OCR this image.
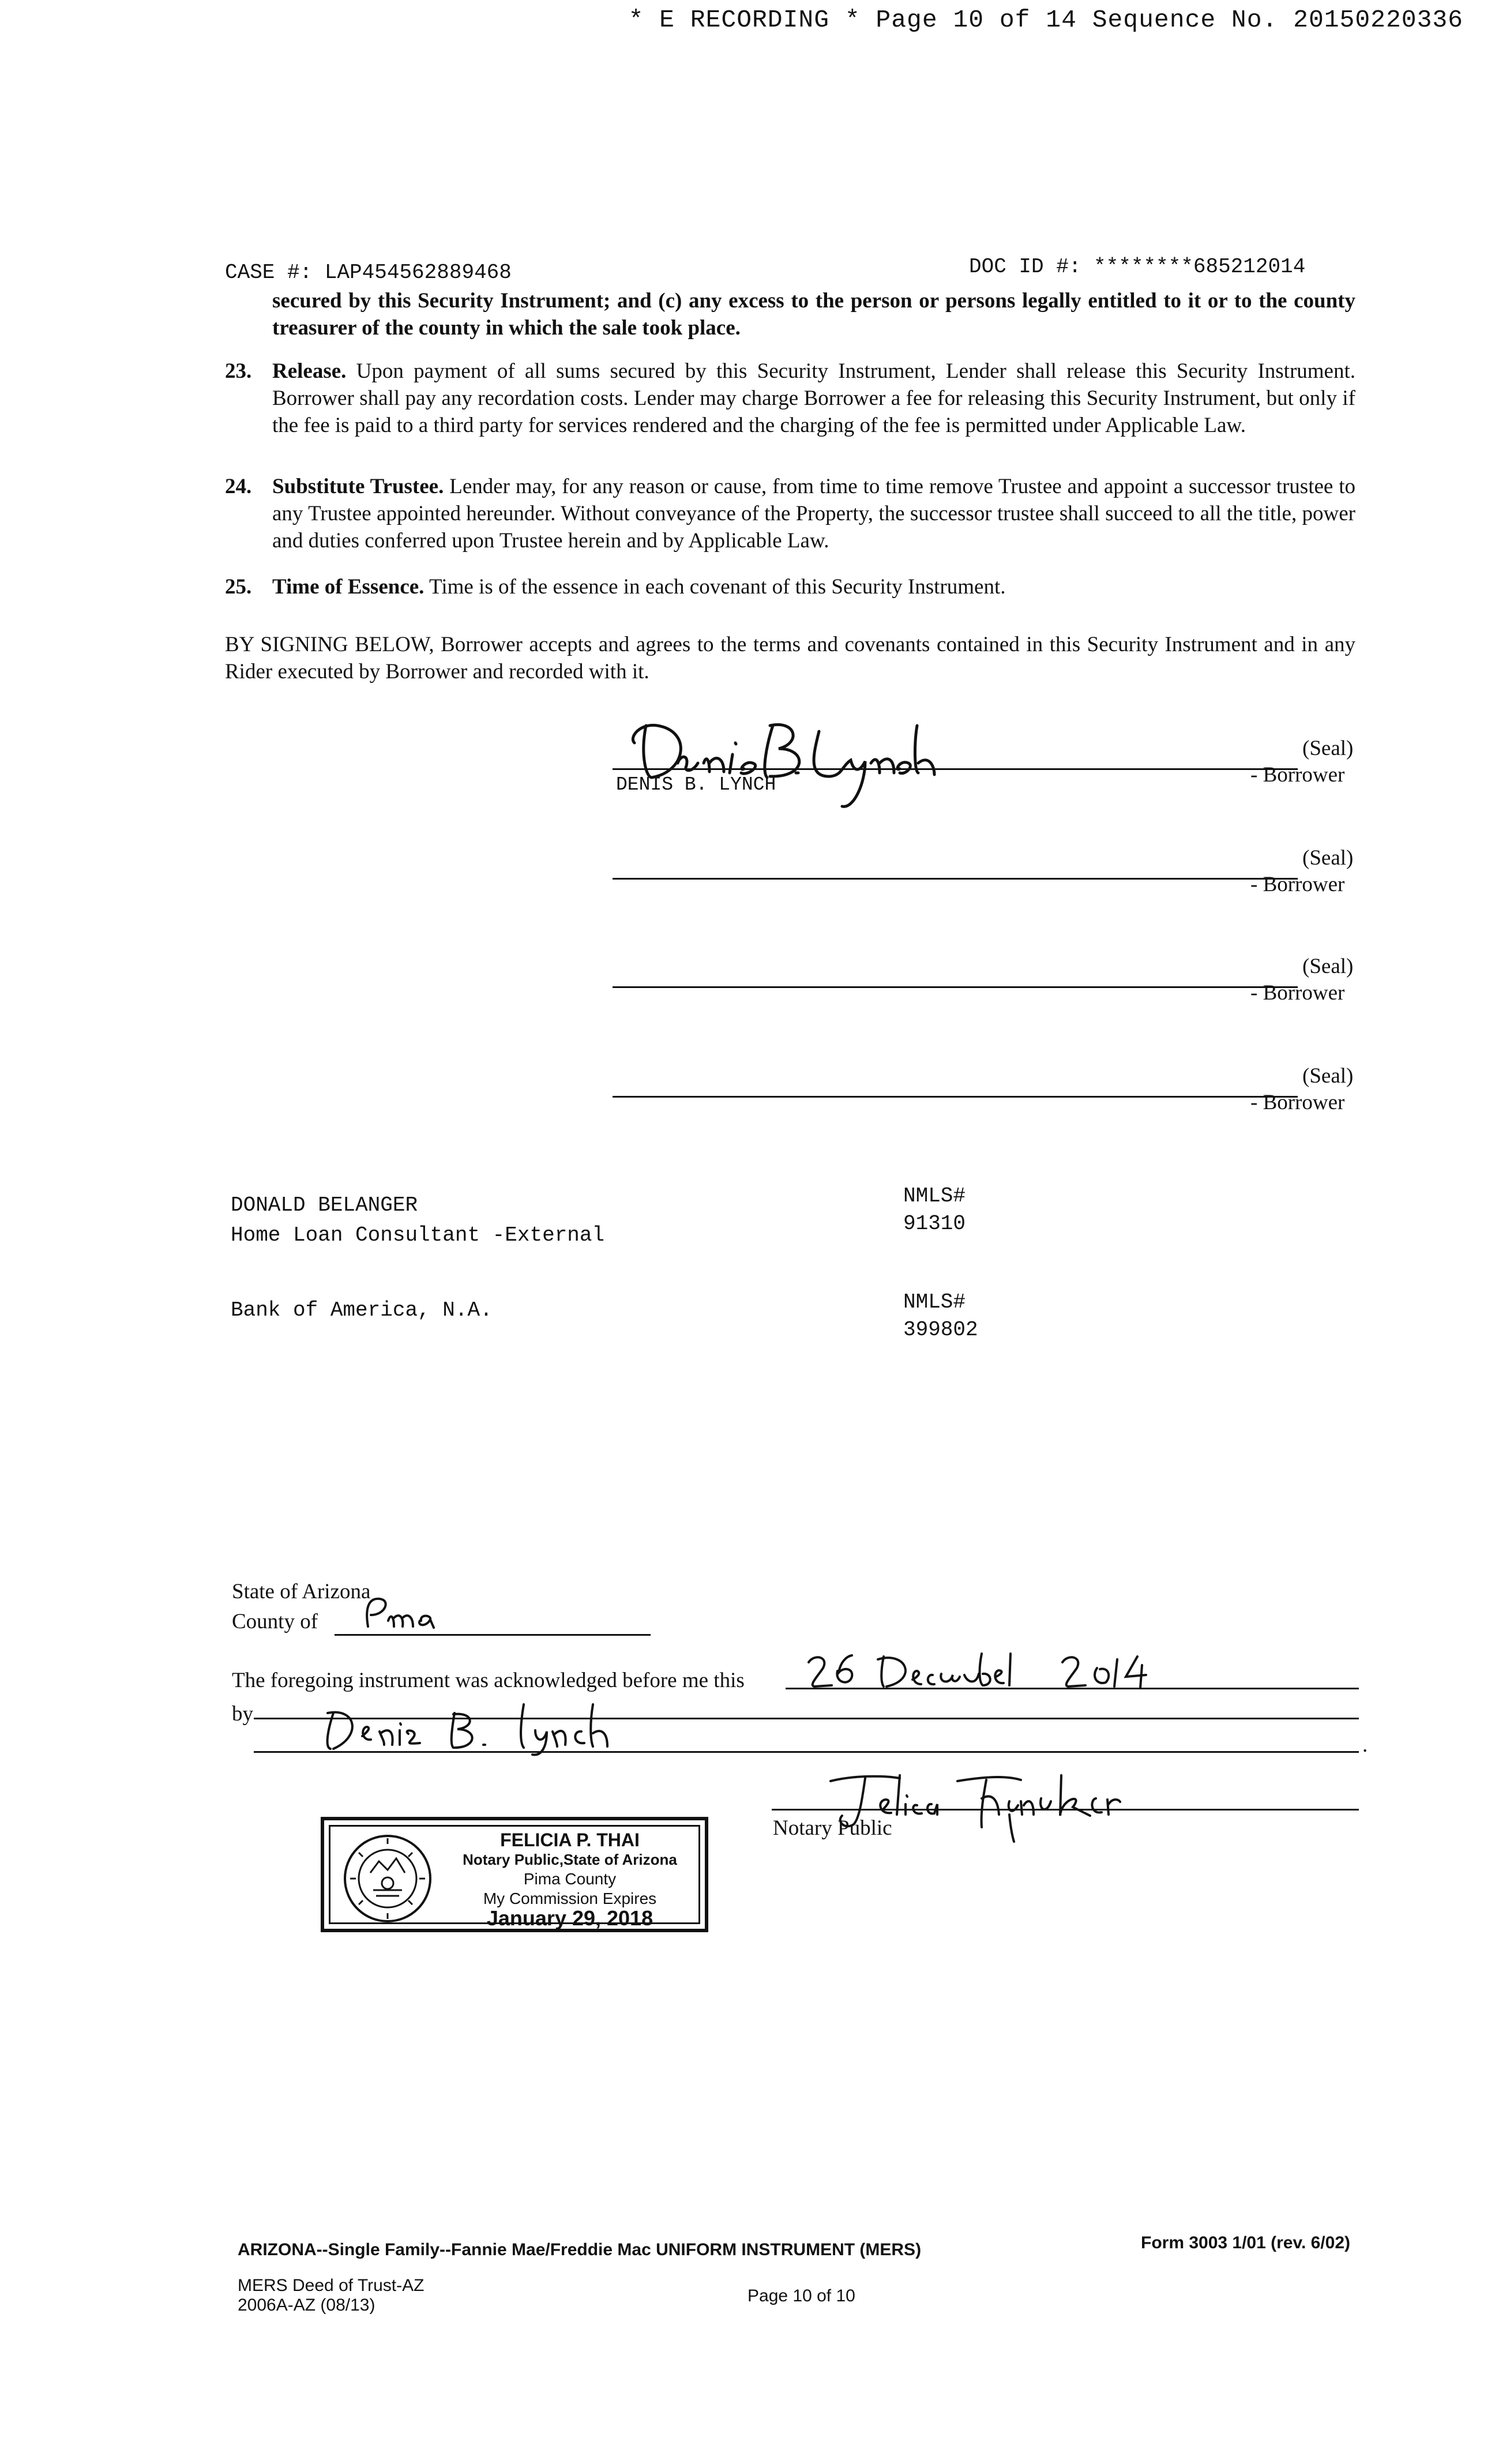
* E RECORDING * Page 10 of 14 Sequence No. 20150220336
CASE #: LAP454562889468	DOC ID #: ********685212014
secured by this Security Instrument; and (c) any excess to the person or persons legally entitled to it or to the county treasurer of the county in which the sale took place.
23. Release. Upon payment of all sums secured by this Security Instrument, Lender shall release this Security Instrument. Borrower shall pay any recordation costs. Lender may charge Borrower a fee for releasing this Security Instrument, but only if the fee is paid to a third party for services rendered and the charging of the fee is permitted under Applicable Law.
24. Substitute Trustee. Lender may, for any reason or cause, from time to time remove Trustee and appoint a successor trustee to any Trustee appointed hereunder. Without conveyance of the Property, the successor trustee shall succeed to all the title, power and duties conferred upon Trustee herein and by Applicable Law.
25. Time of Essence. Time is of the essence in each covenant of this Security Instrument.
BY SIGNING BELOW, Borrower accepts and agrees to the terms and covenants contained in this Security Instrument and in any Rider executed by Borrower and recorded with it.
(Seal)
- Borrower
DENIS B. LYNCH
(Seal)
- Borrower
(Seal)
- Borrower
(Seal)
- Borrower
DONALD BELANGER
Home Loan Consultant -External
NMLS#
91310
Bank of America, N.A.	NMLS#
399802
State of Arizona
County of
The foregoing instrument was acknowledged before me this
by
.
Notary Public
FELICIA P. THAI
Notary Public,State of Arizona
Pima County
My Commission Expires
January 29, 2018
ARIZONA--Single Family--Fannie Mae/Freddie Mac UNIFORM INSTRUMENT (MERS)	Form 3003 1/01 (rev. 6/02)
MERS Deed of Trust-AZ
2006A-AZ (08/13)	Page 10 of 10
